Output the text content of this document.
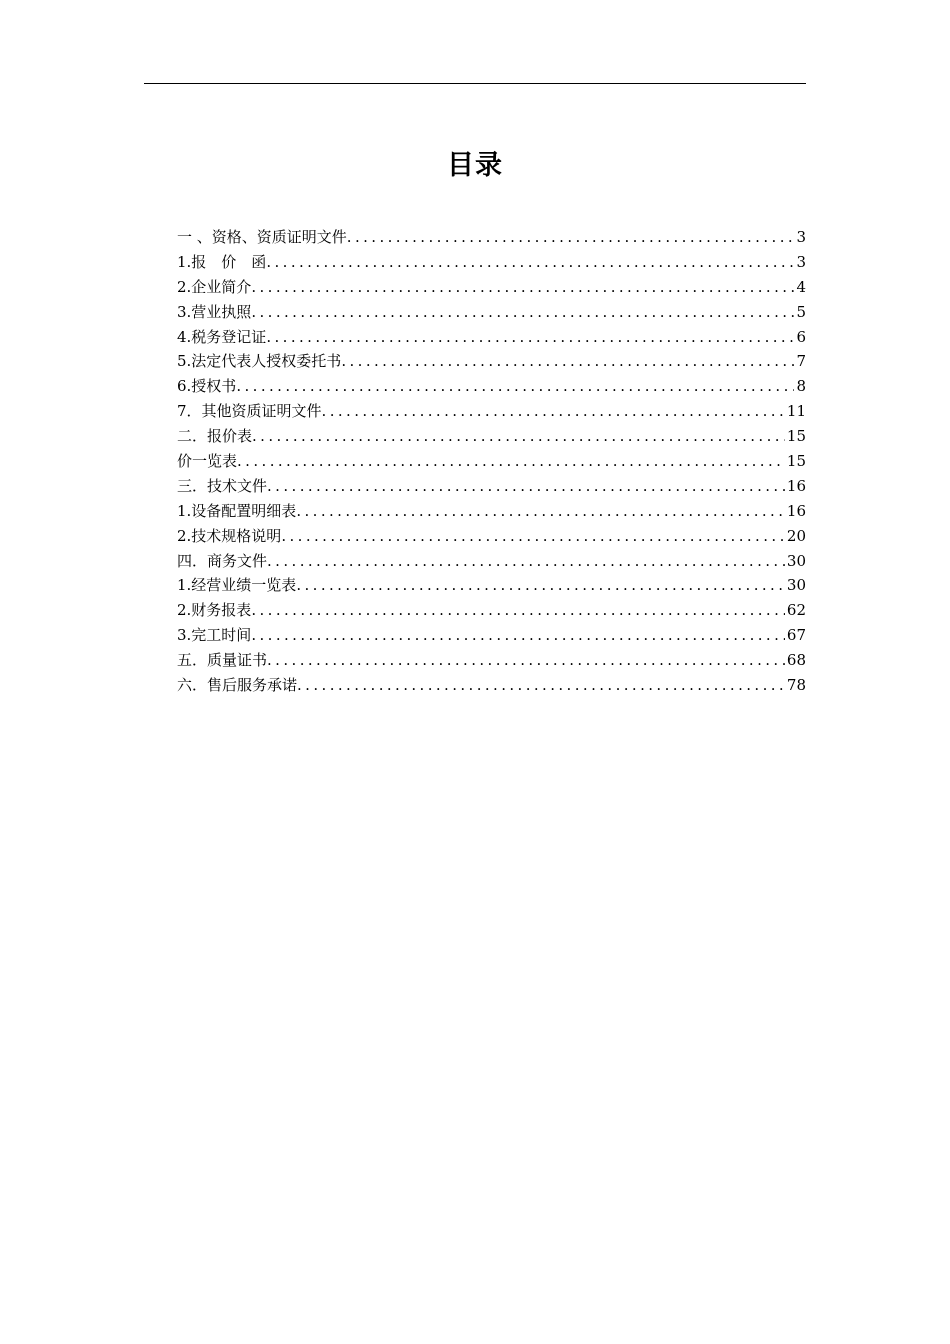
目录
一 、资格、资质证明文件 .....	3
1.报　价　函 .....	3
2.企业简介 .....	4
3.营业执照 .....	5
4.税务登记证 .....	6
5.法定代表人授权委托书 .....	7
6.授权书 .....	8
7．其他资质证明文件 .....	11
二．报价表 .....	15
价一览表 .....	15
三．技术文件 .....	16
1.设备配置明细表 .....	16
2.技术规格说明 .....	20
四．商务文件 .....	30
1.经营业绩一览表 .....	30
2.财务报表 .....	62
3.完工时间 .....	67
五．质量证书 .....	68
六．售后服务承诺 .....	78
